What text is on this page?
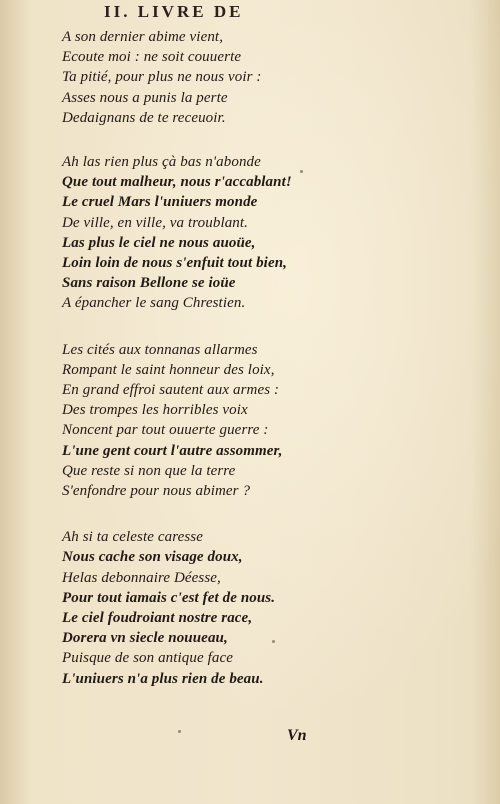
II. LIVRE DE
A son dernier abime vient,
Ecoute moi : ne soit couuerte
Ta pitié, pour plus ne nous voir :
Asses nous a punis la perte
Dedaignans de te receuoir.
Ah las rien plus çà bas n'abonde
Que tout malheur, nous r'accablant!
Le cruel Mars l'uniuers monde
De ville, en ville, va troublant.
Las plus le ciel ne nous auoüe,
Loin loin de nous s'enfuit tout bien,
Sans raison Bellone se ioüe
A épancher le sang Chrestien.
Les cités aux tonnanas allarmes
Rompant le saint honneur des loix,
En grand effroi sautent aux armes :
Des trompes les horribles voix
Noncent par tout ouuerte guerre :
L'une gent court l'autre assommer,
Que reste si non que la terre
S'enfondre pour nous abimer ?
Ah si ta celeste caresse
Nous cache son visage doux,
Helas debonnaire Déesse,
Pour tout iamais c'est fet de nous.
Le ciel foudroiant nostre race,
Dorera vn siecle nouueau,
Puisque de son antique face
L'uniuers n'a plus rien de beau.
Vn
